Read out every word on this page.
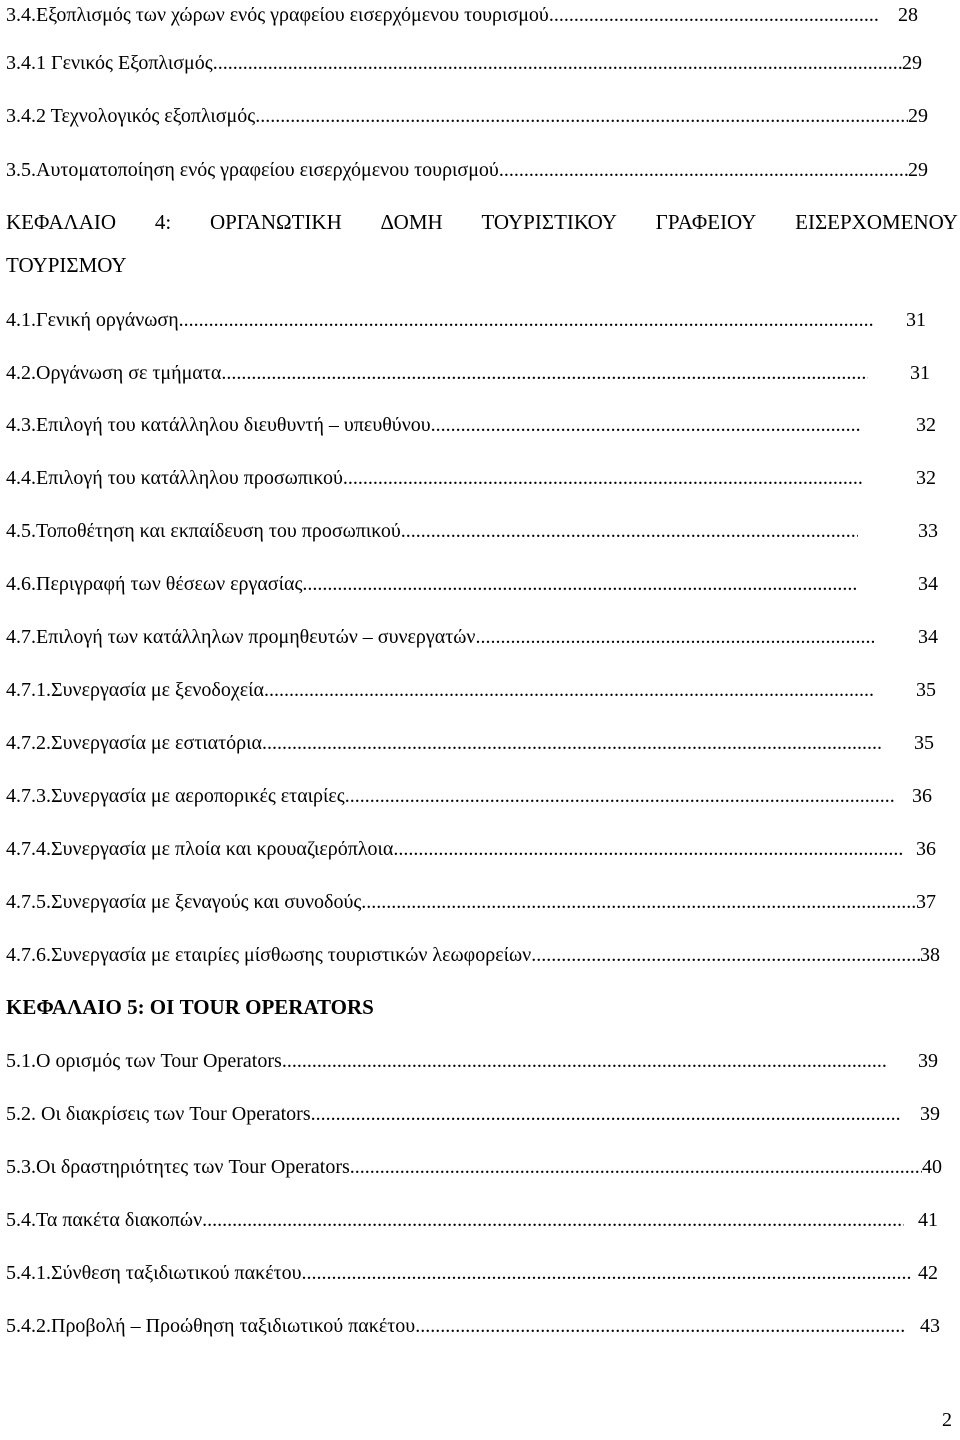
3.4.Εξοπλισμός των χώρων ενός γραφείου εισερχόμενου τουρισμού .....	28
3.4.1 Γενικός Εξοπλισμός .....	29
3.4.2 Τεχνολογικός εξοπλισμός .....	29
3.5.Αυτοματοποίηση ενός γραφείου εισερχόμενου τουρισμού .....	29
ΚΕΦΑΛΑΙΟ 4: ΟΡΓΑΝΩΤΙΚΗ ΔΟΜΗ ΤΟΥΡΙΣΤΙΚΟΥ ΓΡΑΦΕΙΟΥ ΕΙΣΕΡΧΟΜΕΝΟΥ
ΤΟΥΡΙΣΜΟΥ
4.1.Γενική οργάνωση .....	31
4.2.Οργάνωση σε τμήματα .....	31
4.3.Επιλογή του κατάλληλου διευθυντή – υπευθύνου .....	32
4.4.Επιλογή του κατάλληλου προσωπικού .....	32
4.5.Τοποθέτηση και εκπαίδευση του προσωπικού .....	33
4.6.Περιγραφή των θέσεων εργασίας .....	34
4.7.Επιλογή των κατάλληλων προμηθευτών – συνεργατών .....	34
4.7.1.Συνεργασία με ξενοδοχεία .....	35
4.7.2.Συνεργασία με εστιατόρια .....	35
4.7.3.Συνεργασία με αεροπορικές εταιρίες .....	36
4.7.4.Συνεργασία με πλοία και κρουαζιερόπλοια .....	36
4.7.5.Συνεργασία με ξεναγούς και συνοδούς .....	37
4.7.6.Συνεργασία με εταιρίες μίσθωσης τουριστικών λεωφορείων .....	38
ΚΕΦΑΛΑΙΟ 5: ΟΙ TOUR OPERATORS
5.1.Ο ορισμός των Tour Operators .....	39
5.2. Οι διακρίσεις των Tour Operators .....	39
5.3.Οι δραστηριότητες των Tour Operators .....	40
5.4.Τα πακέτα διακοπών .....	41
5.4.1.Σύνθεση ταξιδιωτικού πακέτου .....	42
5.4.2.Προβολή – Προώθηση ταξιδιωτικού πακέτου .....	43
2
